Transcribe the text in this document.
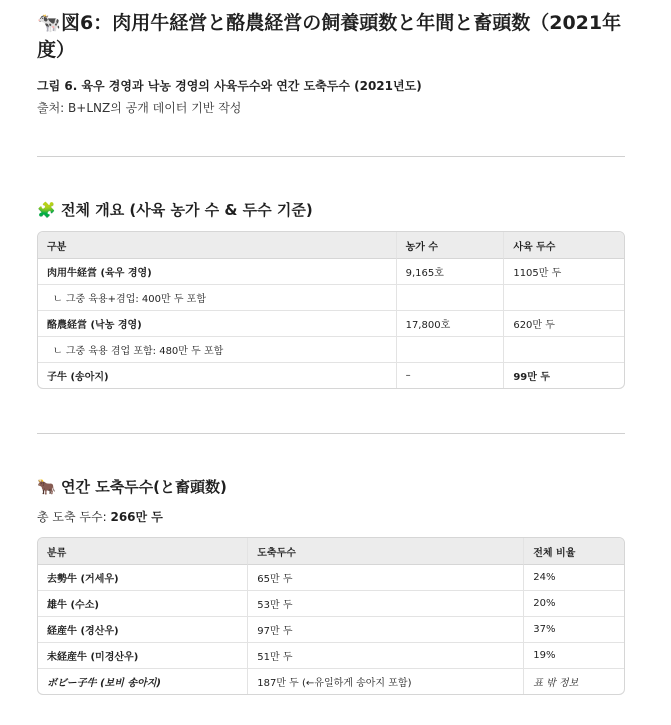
🐄図6：肉用牛経営と酪農経営の飼養頭数と年間と畜頭数（2021年度）
그림 6. 육우 경영과 낙농 경영의 사육두수와 연간 도축두수 (2021년도)
출처: B+LNZ의 공개 데이터 기반 작성
🧩 전체 개요 (사육 농가 수 & 두수 기준)
구분	농가 수	사육 두수
肉用牛経営 (육우 경영)	9,165호	1105만 두
ㄴ 그중 육용+겸업: 400만 두 포함		
酪農経営 (낙농 경영)	17,800호	620만 두
ㄴ 그중 육용 겸업 포함: 480만 두 포함		
子牛 (송아지)	–	99만 두
🐂 연간 도축두수(と畜頭数)
총 도축 두수: 266만 두
분류	도축두수	전체 비율
去勢牛 (거세우)	65만 두	24%
雄牛 (수소)	53만 두	20%
経産牛 (경산우)	97만 두	37%
未経産牛 (미경산우)	51만 두	19%
ボビー子牛 (보비 송아지)	187만 두 (←유일하게 송아지 포함)	표 밖 정보
